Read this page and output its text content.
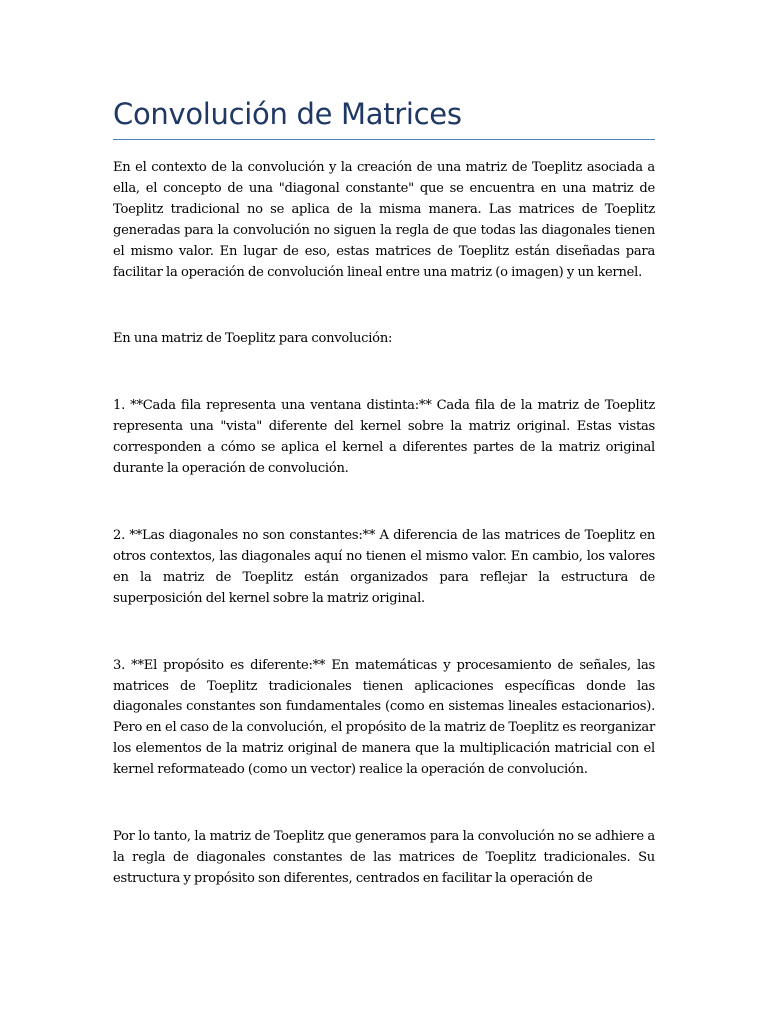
Convolución de Matrices

En el contexto de la convolución y la creación de una matriz de Toeplitz asociada a ella, el concepto de una "diagonal constante" que se encuentra en una matriz de Toeplitz tradicional no se aplica de la misma manera. Las matrices de Toeplitz generadas para la convolución no siguen la regla de que todas las diagonales tienen el mismo valor. En lugar de eso, estas matrices de Toeplitz están diseñadas para facilitar la operación de convolución lineal entre una matriz (o imagen) y un kernel.

En una matriz de Toeplitz para convolución:

1. **Cada fila representa una ventana distinta:** Cada fila de la matriz de Toeplitz representa una "vista" diferente del kernel sobre la matriz original. Estas vistas corresponden a cómo se aplica el kernel a diferentes partes de la matriz original durante la operación de convolución.

2. **Las diagonales no son constantes:** A diferencia de las matrices de Toeplitz en otros contextos, las diagonales aquí no tienen el mismo valor. En cambio, los valores en la matriz de Toeplitz están organizados para reflejar la estructura de superposición del kernel sobre la matriz original.

3. **El propósito es diferente:** En matemáticas y procesamiento de señales, las matrices de Toeplitz tradicionales tienen aplicaciones específicas donde las diagonales constantes son fundamentales (como en sistemas lineales estacionarios). Pero en el caso de la convolución, el propósito de la matriz de Toeplitz es reorganizar los elementos de la matriz original de manera que la multiplicación matricial con el kernel reformateado (como un vector) realice la operación de convolución.

Por lo tanto, la matriz de Toeplitz que generamos para la convolución no se adhiere a la regla de diagonales constantes de las matrices de Toeplitz tradicionales. Su estructura y propósito son diferentes, centrados en facilitar la operación de
